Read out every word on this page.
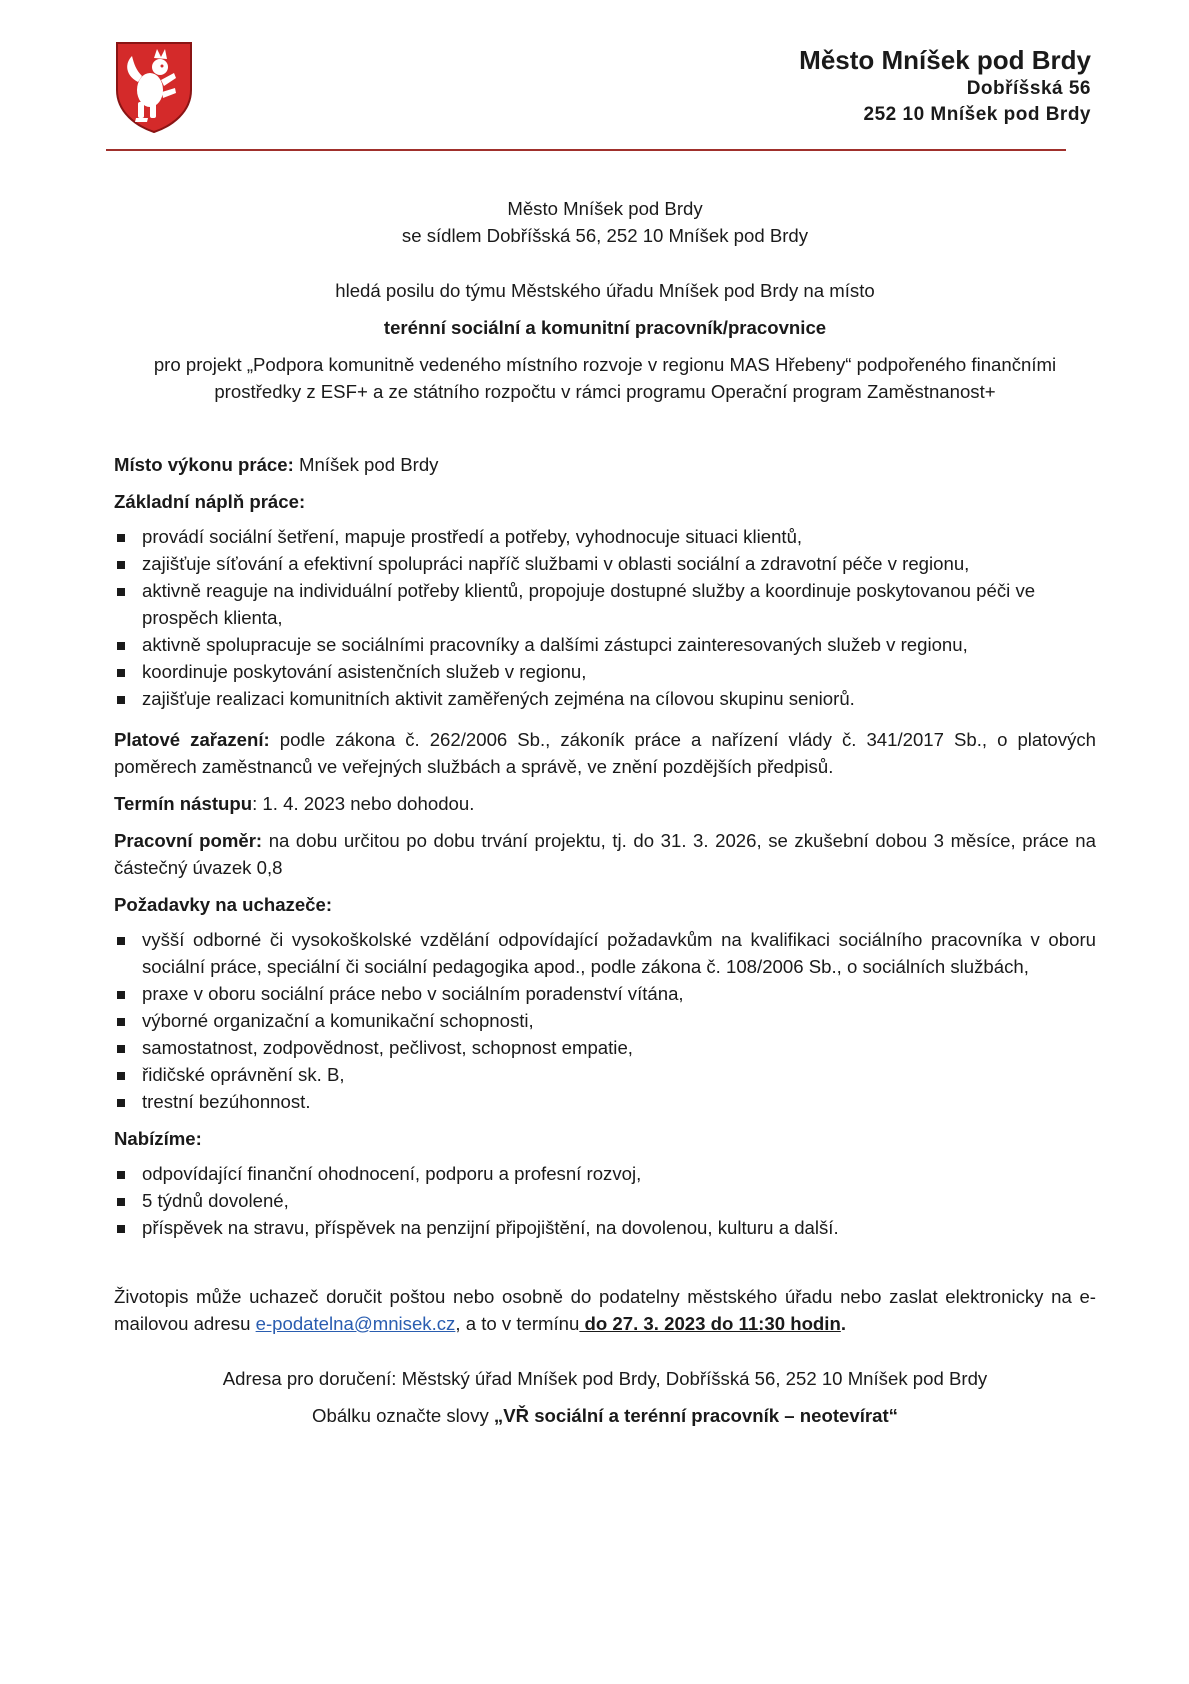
Město Mníšek pod Brdy
Dobříšská 56
252 10 Mníšek pod Brdy

Město Mníšek pod Brdy

se sídlem Dobříšská 56, 252 10 Mníšek pod Brdy

hledá posilu do týmu Městského úřadu Mníšek pod Brdy na místo

terénní sociální a komunitní pracovník/pracovnice

pro projekt „Podpora komunitně vedeného místního rozvoje v regionu MAS Hřebeny“ podpořeného finančními prostředky z ESF+ a ze státního rozpočtu v rámci programu Operační program Zaměstnanost+

Místo výkonu práce: Mníšek pod Brdy

Základní náplň práce:

provádí sociální šetření, mapuje prostředí a potřeby, vyhodnocuje situaci klientů,
zajišťuje síťování a efektivní spolupráci napříč službami v oblasti sociální a zdravotní péče v regionu,
aktivně reaguje na individuální potřeby klientů, propojuje dostupné služby a koordinuje poskytovanou péči ve prospěch klienta,
aktivně spolupracuje se sociálními pracovníky a dalšími zástupci zainteresovaných služeb v regionu,
koordinuje poskytování asistenčních služeb v regionu,
zajišťuje realizaci komunitních aktivit zaměřených zejména na cílovou skupinu seniorů.

Platové zařazení: podle zákona č. 262/2006 Sb., zákoník práce a nařízení vlády č. 341/2017 Sb., o platových poměrech zaměstnanců ve veřejných službách a správě, ve znění pozdějších předpisů.

Termín nástupu: 1. 4. 2023 nebo dohodou.

Pracovní poměr: na dobu určitou po dobu trvání projektu, tj. do 31. 3. 2026, se zkušební dobou 3 měsíce, práce na částečný úvazek 0,8

Požadavky na uchazeče:

vyšší odborné či vysokoškolské vzdělání odpovídající požadavkům na kvalifikaci sociálního pracovníka v oboru sociální práce, speciální či sociální pedagogika apod., podle zákona č. 108/2006 Sb., o sociálních službách,
praxe v oboru sociální práce nebo v sociálním poradenství vítána,
výborné organizační a komunikační schopnosti,
samostatnost, zodpovědnost, pečlivost, schopnost empatie,
řidičské oprávnění sk. B,
trestní bezúhonnost.

Nabízíme:

odpovídající finanční ohodnocení, podporu a profesní rozvoj,
5 týdnů dovolené,
příspěvek na stravu, příspěvek na penzijní připojištění, na dovolenou, kulturu a další.

Životopis může uchazeč doručit poštou nebo osobně do podatelny městského úřadu nebo zaslat elektronicky na e-mailovou adresu e-podatelna@mnisek.cz, a to v termínu do 27. 3. 2023 do 11:30 hodin.

Adresa pro doručení: Městský úřad Mníšek pod Brdy, Dobříšská 56, 252 10 Mníšek pod Brdy

Obálku označte slovy „VŘ sociální a terénní pracovník – neotevírat“
